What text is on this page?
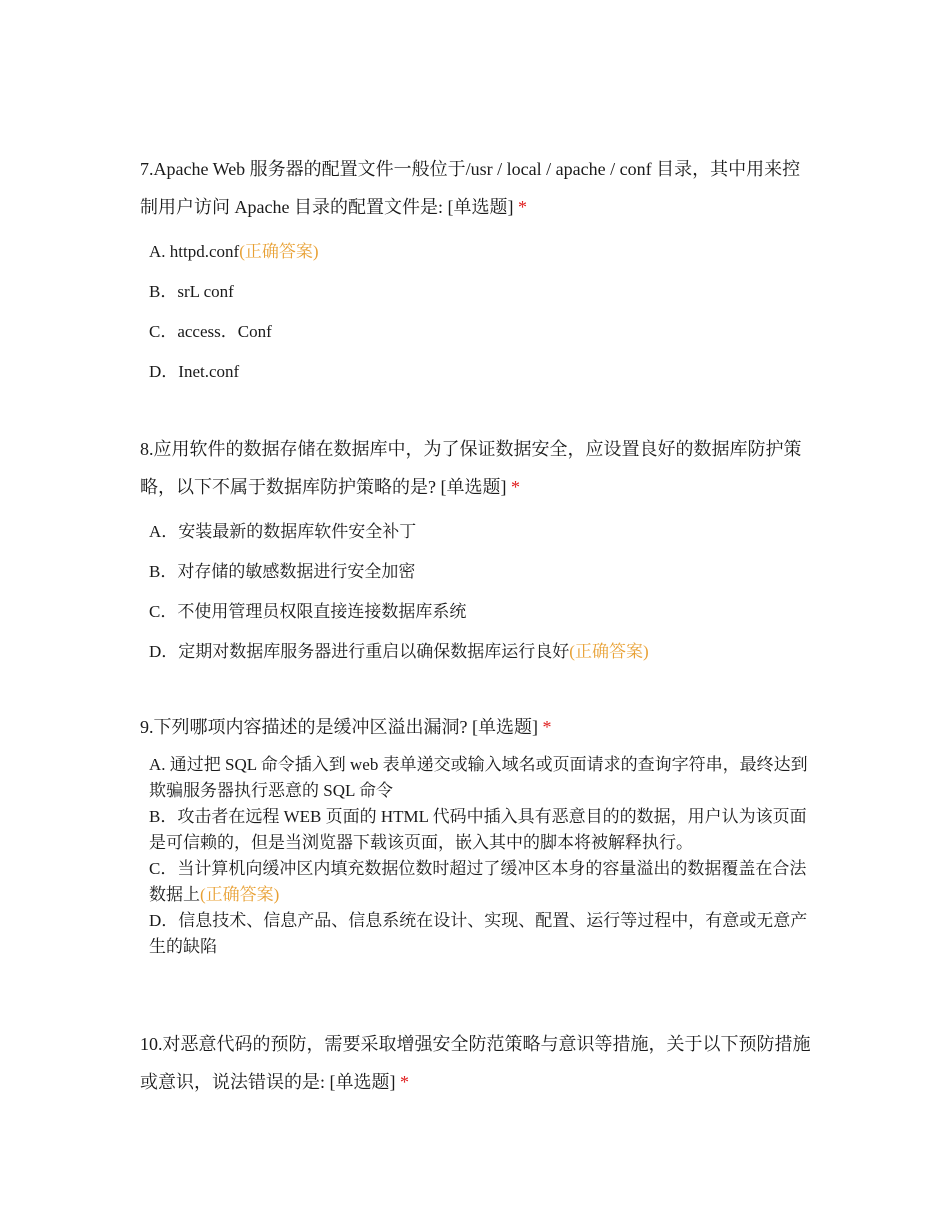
7.Apache Web 服务器的配置文件一般位于/usr / local / apache / conf 目录，其中用来控制用户访问 Apache 目录的配置文件是: [单选题] *

A. httpd.conf(正确答案)
B．srL conf
C．access．Conf
D．Inet.conf

8.应用软件的数据存储在数据库中，为了保证数据安全，应设置良好的数据库防护策略，以下不属于数据库防护策略的是? [单选题] *

A．安装最新的数据库软件安全补丁
B．对存储的敏感数据进行安全加密
C．不使用管理员权限直接连接数据库系统
D．定期对数据库服务器进行重启以确保数据库运行良好(正确答案)

9.下列哪项内容描述的是缓冲区溢出漏洞? [单选题] *

A. 通过把 SQL 命令插入到 web 表单递交或输入域名或页面请求的查询字符串，最终达到欺骗服务器执行恶意的 SQL 命令
B．攻击者在远程 WEB 页面的 HTML 代码中插入具有恶意目的的数据，用户认为该页面是可信赖的，但是当浏览器下载该页面，嵌入其中的脚本将被解释执行。
C．当计算机向缓冲区内填充数据位数时超过了缓冲区本身的容量溢出的数据覆盖在合法数据上(正确答案)
D．信息技术、信息产品、信息系统在设计、实现、配置、运行等过程中，有意或无意产生的缺陷

10.对恶意代码的预防，需要采取增强安全防范策略与意识等措施，关于以下预防措施或意识，说法错误的是: [单选题] *
